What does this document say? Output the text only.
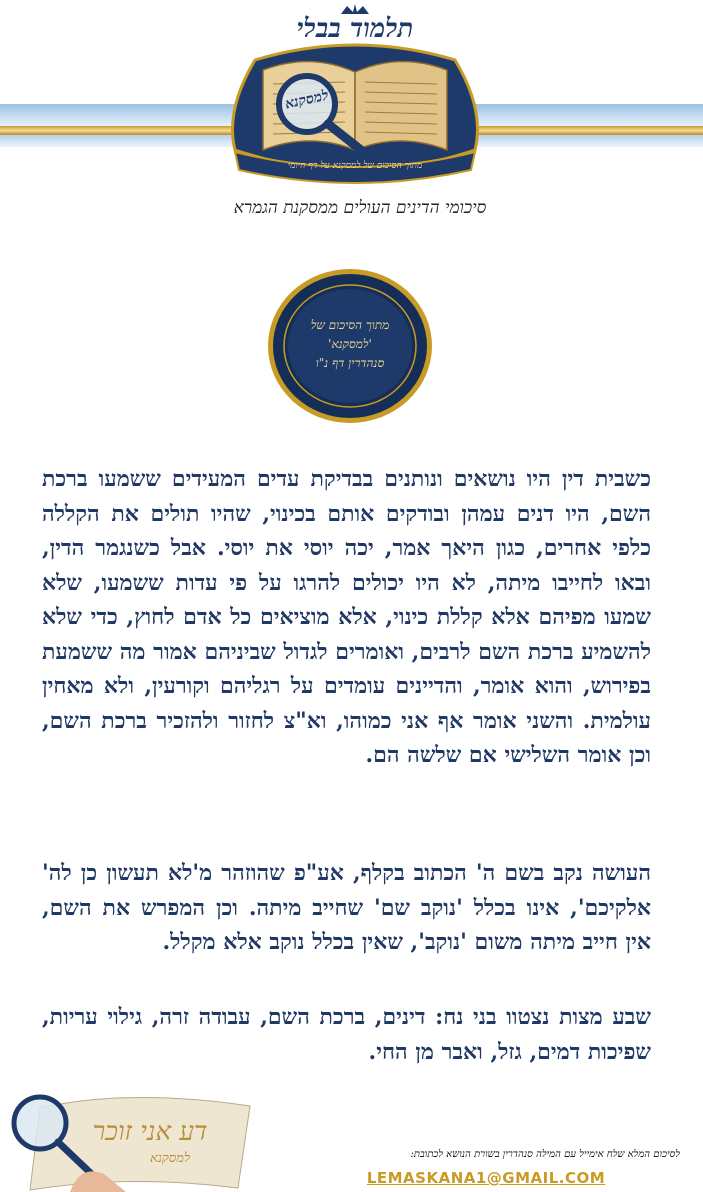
תלמוד בבלי
למסקנא
מתוך הסיכום של למסקנא על דף היומי
סיכומי הדינים העולים ממסקנת הגמרא
מתוך הסיכום של
'למסקנא'
סנהדרין דף נ"ו

כשבית דין היו נושאים ונותנים בבדיקת עדים המעידים ששמעו ברכת השם, היו דנים עמהן ובודקים אותם בכינוי, שהיו תולים את הקללה כלפי אחרים, כגון היאך אמר, יכה יוסי את יוסי. אבל כשנגמר הדין, ובאו לחייבו מיתה, לא היו יכולים להרגו על פי עדות ששמעו, שלא שמעו מפיהם אלא קללת כינוי, אלא מוציאים כל אדם לחוץ, כדי שלא להשמיע ברכת השם לרבים, ואומרים לגדול שביניהם אמור מה ששמעת בפירוש, והוא אומר, והדיינים עומדים על רגליהם וקורעין, ולא מאחין עולמית. והשני אומר אף אני כמוהו, וא"צ לחזור ולהזכיר ברכת השם, וכן אומר השלישי אם שלשה הם.

העושה נקב בשם ה' הכתוב בקלף, אע"פ שהוזהר מ'לא תעשון כן לה' אלקיכם', אינו בכלל 'נוקב שם' שחייב מיתה. וכן המפרש את השם, אין חייב מיתה משום 'נוקב', שאין בכלל נוקב אלא מקלל.

שבע מצות נצטוו בני נח: דינים, ברכת השם, עבודה זרה, גילוי עריות, שפיכות דמים, גזל, ואבר מן החי.

דע אני זוכר
למסקנא	לסיכום המלא שלח אימייל עם המילה סנהדרין בשורת הנושא לכתובת:
LEMASKANA1@GMAIL.COM
